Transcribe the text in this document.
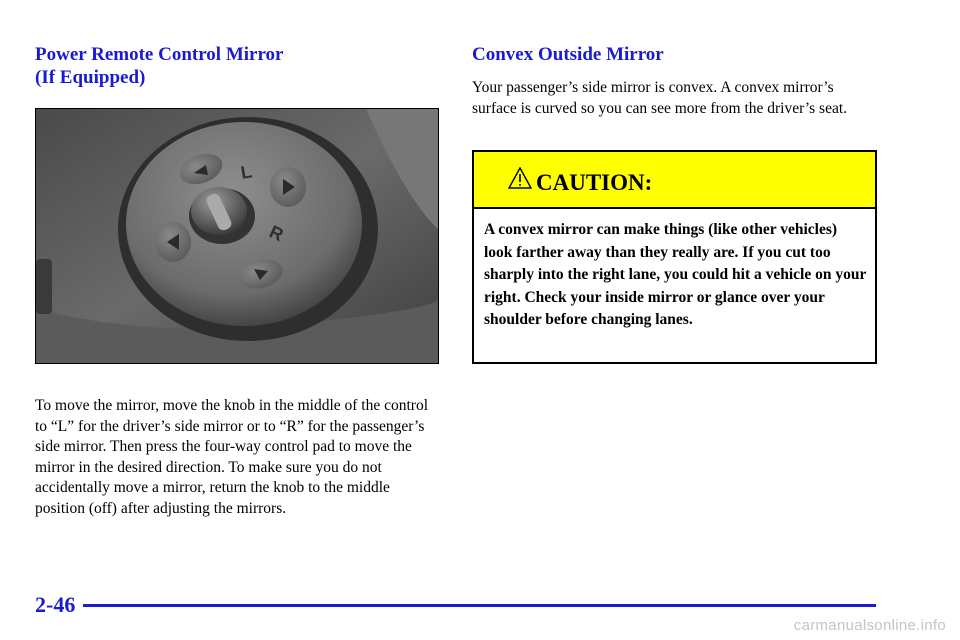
Power Remote Control Mirror
(If Equipped)
L
R

To move the mirror, move the knob in the middle of the control to “L” for the driver’s side mirror or to “R” for the passenger’s side mirror. Then press the four-way control pad to move the mirror in the desired direction. To make sure you do not accidentally move a mirror, return the knob to the middle position (off) after adjusting the mirrors.

Convex Outside Mirror

Your passenger’s side mirror is convex. A convex mirror’s surface is curved so you can see more from the driver’s seat.

CAUTION:

A convex mirror can make things (like other vehicles) look farther away than they really are. If you cut too sharply into the right lane, you could hit a vehicle on your right. Check your inside mirror or glance over your shoulder before changing lanes.

2-46
carmanualsonline.info
